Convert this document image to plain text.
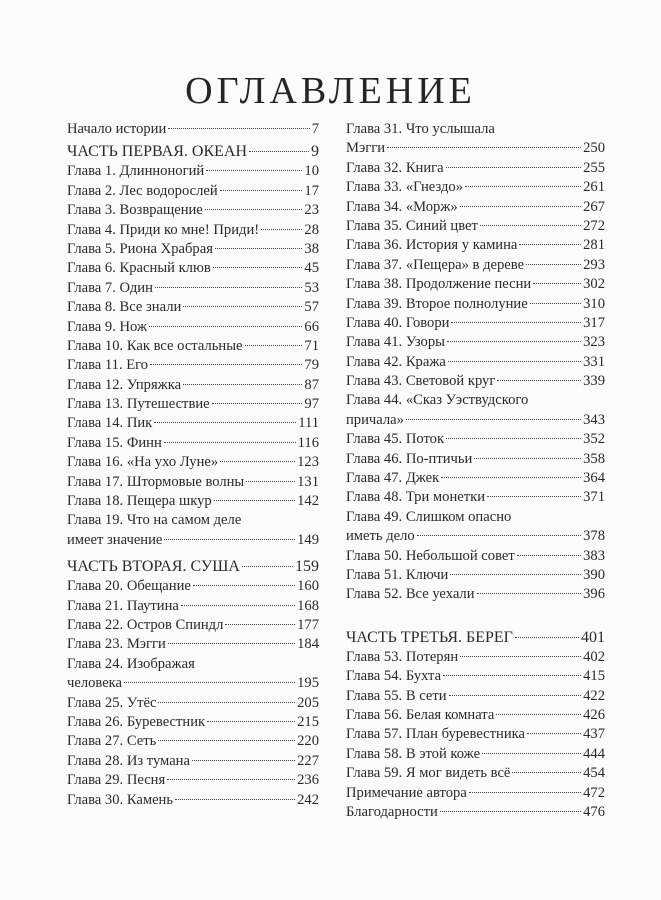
ОГЛАВЛЕНИЕ
Начало истории	7
ЧАСТЬ ПЕРВАЯ. ОКЕАН	9
Глава 1. Длинноногий	10
Глава 2. Лес водорослей	17
Глава 3. Возвращение	23
Глава 4. Приди ко мне! Приди!	28
Глава 5. Риона Храбрая	38
Глава 6. Красный клюв	45
Глава 7. Один	53
Глава 8. Все знали	57
Глава 9. Нож	66
Глава 10. Как все остальные	71
Глава 11. Его	79
Глава 12. Упряжка	87
Глава 13. Путешествие	97
Глава 14. Пик	111
Глава 15. Финн	116
Глава 16. «На ухо Луне»	123
Глава 17. Штормовые волны	131
Глава 18. Пещера шкур	142
Глава 19. Что на самом деле
имеет значение	149
ЧАСТЬ ВТОРАЯ. СУША	159
Глава 20. Обещание	160
Глава 21. Паутина	168
Глава 22. Остров Спиндл	177
Глава 23. Мэгги	184
Глава 24. Изображая
человека	195
Глава 25. Утёс	205
Глава 26. Буревестник	215
Глава 27. Сеть	220
Глава 28. Из тумана	227
Глава 29. Песня	236
Глава 30. Камень	242
Глава 31. Что услышала
Мэгги	250
Глава 32. Книга	255
Глава 33. «Гнездо»	261
Глава 34. «Морж»	267
Глава 35. Синий цвет	272
Глава 36. История у камина	281
Глава 37. «Пещера» в дереве	293
Глава 38. Продолжение песни	302
Глава 39. Второе полнолуние	310
Глава 40. Говори	317
Глава 41. Узоры	323
Глава 42. Кража	331
Глава 43. Световой круг	339
Глава 44. «Сказ Уэствудского
причала»	343
Глава 45. Поток	352
Глава 46. По-птичьи	358
Глава 47. Джек	364
Глава 48. Три монетки	371
Глава 49. Слишком опасно
иметь дело	378
Глава 50. Небольшой совет	383
Глава 51. Ключи	390
Глава 52. Все уехали	396
ЧАСТЬ ТРЕТЬЯ. БЕРЕГ	401
Глава 53. Потерян	402
Глава 54. Бухта	415
Глава 55. В сети	422
Глава 56. Белая комната	426
Глава 57. План буревестника	437
Глава 58. В этой коже	444
Глава 59. Я мог видеть всё	454
Примечание автора	472
Благодарности	476
